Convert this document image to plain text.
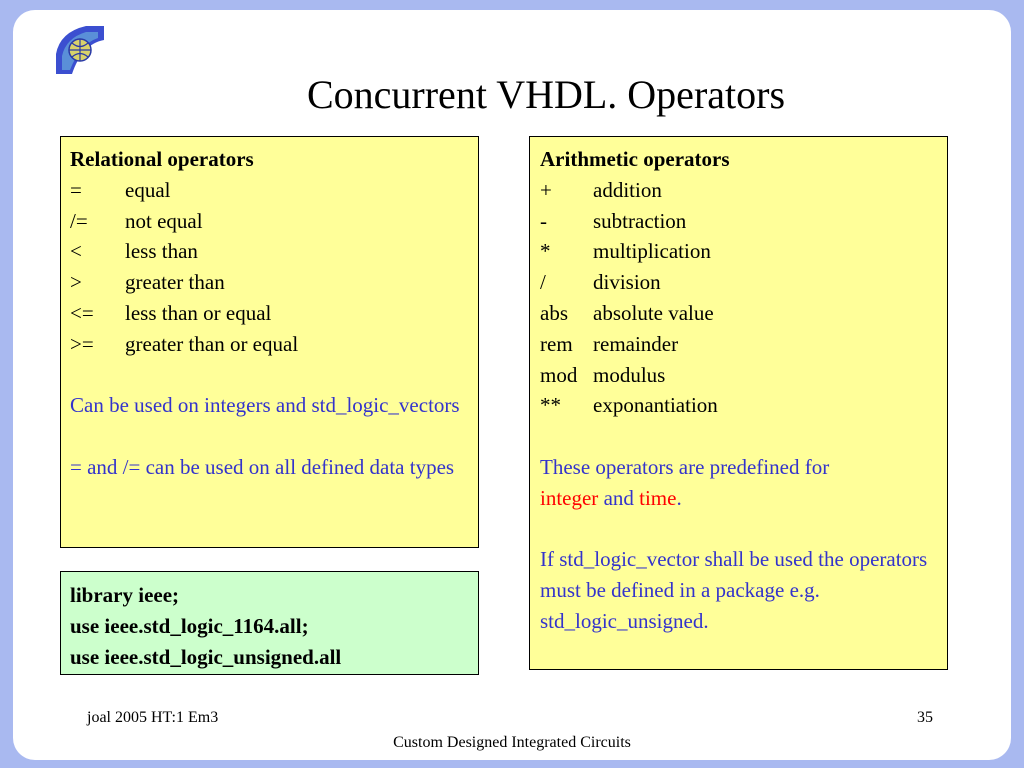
Concurrent VHDL. Operators

Relational operators

=	equal
/=	not equal
<	less than
>	greater than
<=	less than or equal
>=	greater than or equal

Can be used on integers and std_logic_vectors

= and /= can be used on all defined data types

Arithmetic operators

+	addition
-	subtraction
*	multiplication
/	division
abs	absolute value
rem remainder
mod modulus
**	exponantiation

These operators are predefined for
integer and time.

If std_logic_vector shall be used the operators must be defined in a package e.g. std_logic_unsigned.

library ieee;
use ieee.std_logic_1164.all;
use ieee.std_logic_unsigned.all
joal 2005 HT:1 Em3	35
Custom Designed Integrated Circuits
